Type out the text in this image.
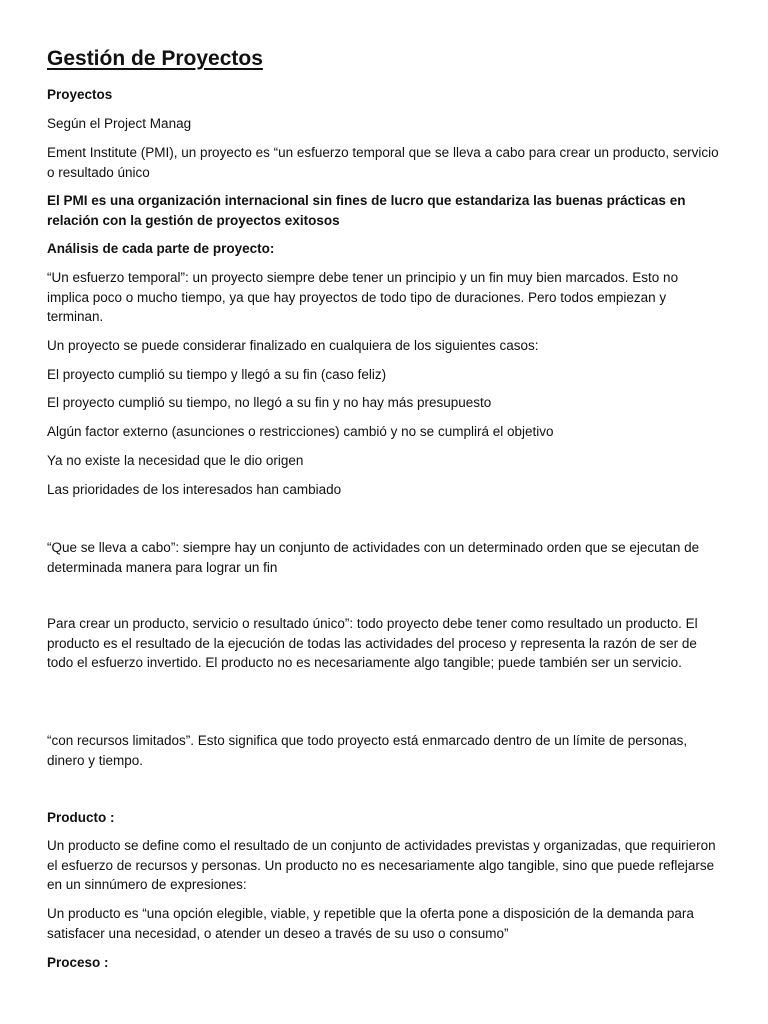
Gestión de Proyectos

Proyectos

Según el Project Manag

Ement Institute (PMI), un proyecto es “un esfuerzo temporal que se lleva a cabo para crear un producto, servicio o resultado único

El PMI es una organización internacional sin fines de lucro que estandariza las buenas prácticas en relación con la gestión de proyectos exitosos

Análisis de cada parte de proyecto:

“Un esfuerzo temporal”: un proyecto siempre debe tener un principio y un fin muy bien marcados. Esto no implica poco o mucho tiempo, ya que hay proyectos de todo tipo de duraciones. Pero todos empiezan y terminan.

Un proyecto se puede considerar finalizado en cualquiera de los siguientes casos:

El proyecto cumplió su tiempo y llegó a su fin (caso feliz)

El proyecto cumplió su tiempo, no llegó a su fin y no hay más presupuesto

Algún factor externo (asunciones o restricciones) cambió y no se cumplirá el objetivo

Ya no existe la necesidad que le dio origen

Las prioridades de los interesados han cambiado

“Que se lleva a cabo”: siempre hay un conjunto de actividades con un determinado orden que se ejecutan de determinada manera para lograr un fin

Para crear un producto, servicio o resultado único”: todo proyecto debe tener como resultado un producto. El producto es el resultado de la ejecución de todas las actividades del proceso y representa la razón de ser de todo el esfuerzo invertido. El producto no es necesariamente algo tangible; puede también ser un servicio.

“con recursos limitados”. Esto significa que todo proyecto está enmarcado dentro de un límite de personas, dinero y tiempo.

Producto :

Un producto se define como el resultado de un conjunto de actividades previstas y organizadas, que requirieron el esfuerzo de recursos y personas. Un producto no es necesariamente algo tangible, sino que puede reflejarse en un sinnúmero de expresiones:

Un producto es “una opción elegible, viable, y repetible que la oferta pone a disposición de la demanda para satisfacer una necesidad, o atender un deseo a través de su uso o consumo”

Proceso :
